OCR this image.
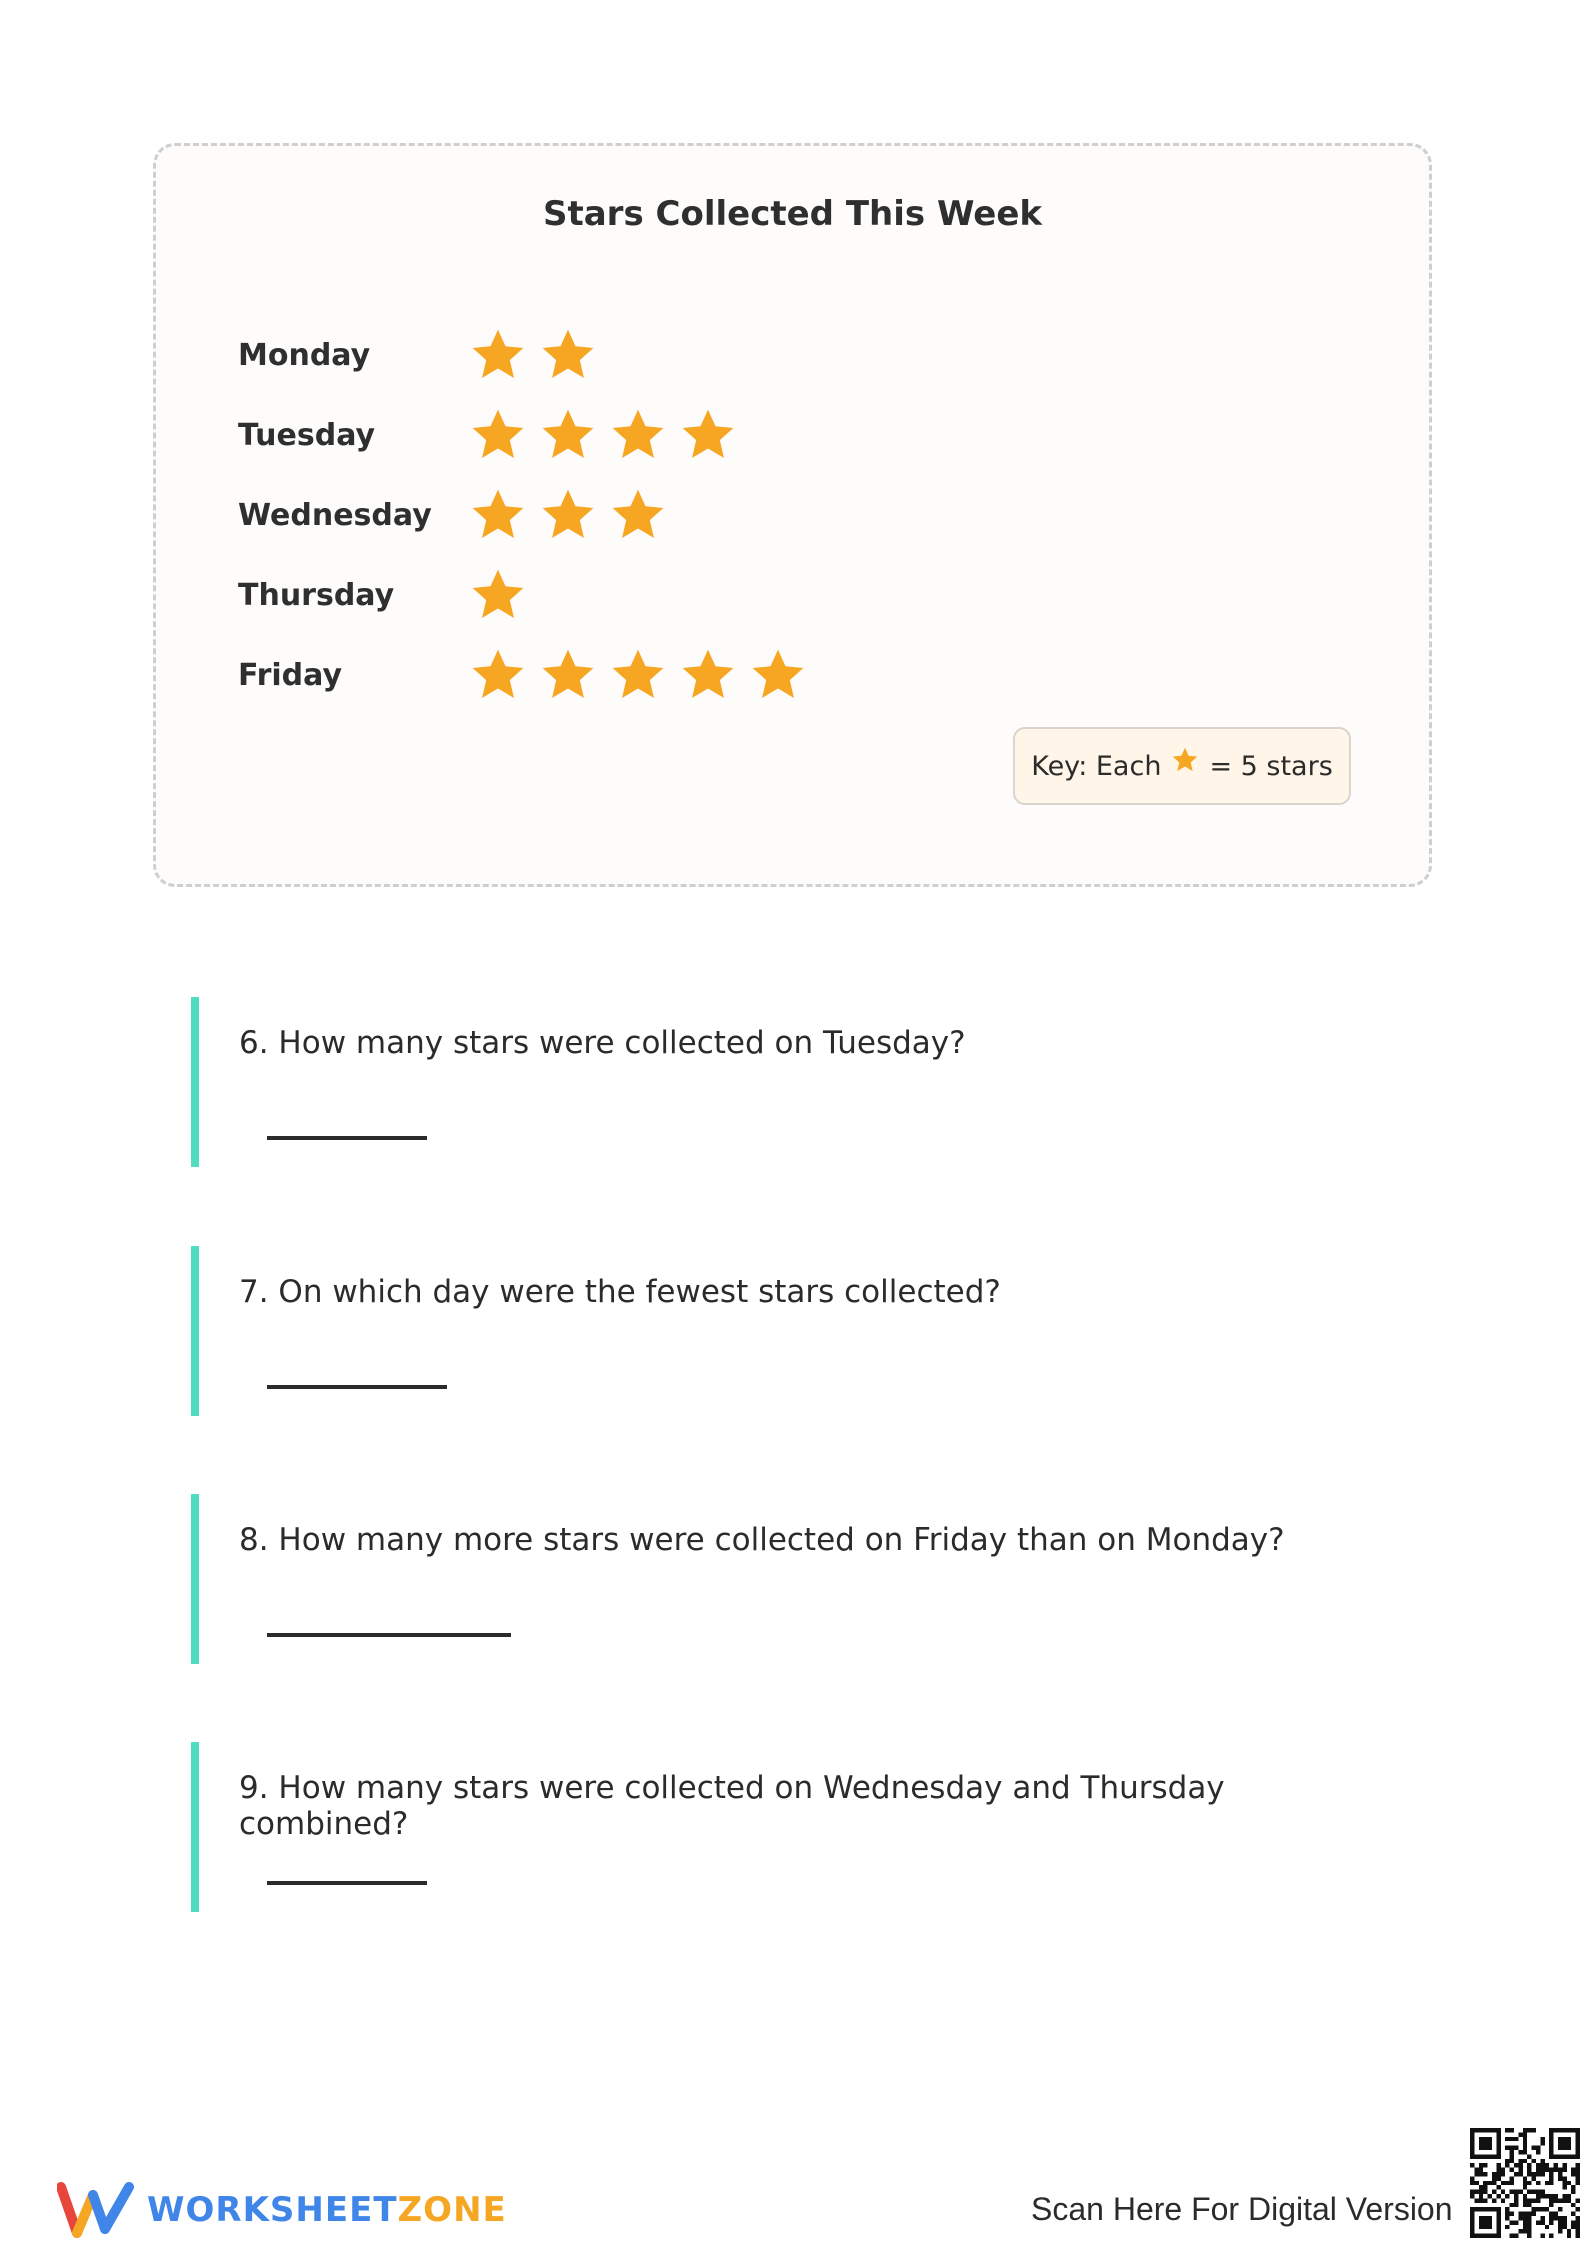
Stars Collected This Week
Monday
Tuesday
Wednesday
Thursday
Friday
Key: Each = 5 stars

6. How many stars were collected on Tuesday?

7. On which day were the fewest stars collected?

8. How many more stars were collected on Friday than on Monday?

9. How many stars were collected on Wednesday and Thursday combined?

WORKSHEETZONE	Scan Here For Digital Version
